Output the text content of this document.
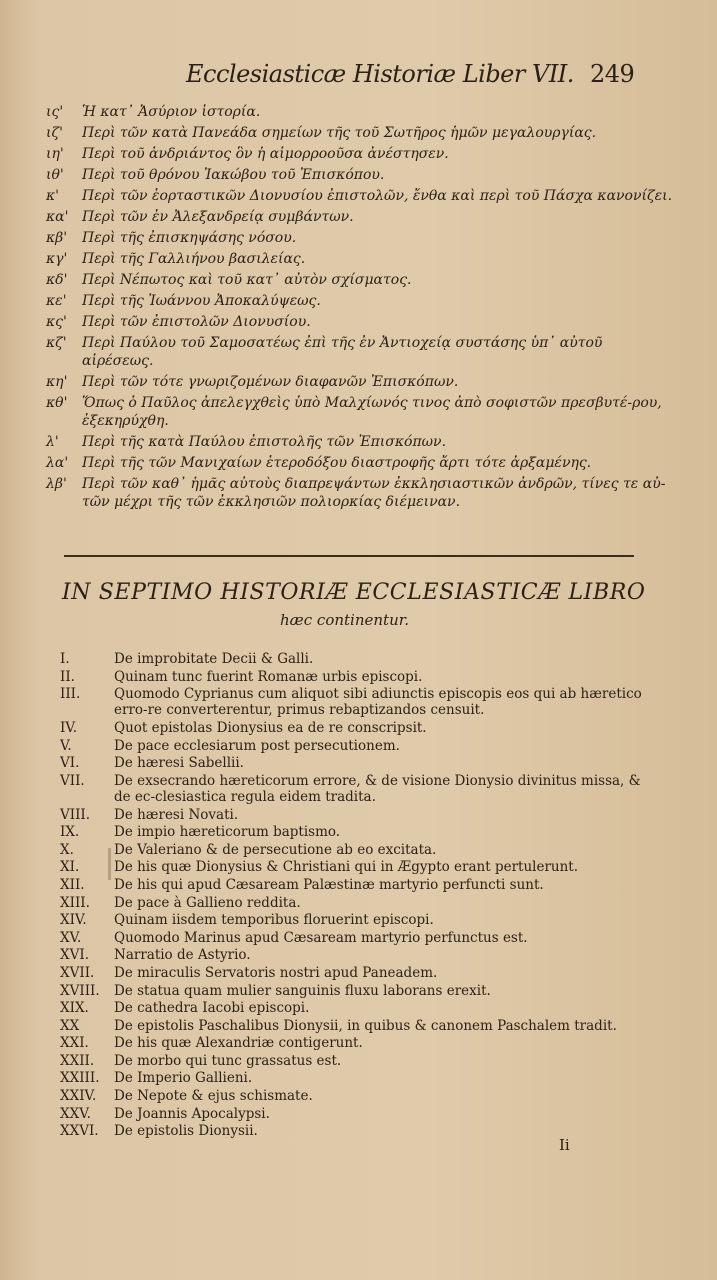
Ecclesiasticæ Historiæ Liber VII. 249
ις'	Ἡ κατ᾽ Ἀσύριον ἱστορία.
ιζ'	Περὶ τῶν κατὰ Πανεάδα σημείων τῆς τοῦ Σωτῆρος ἡμῶν μεγαλουργίας.
ιη'	Περὶ τοῦ ἀνδριάντος ὃν ἡ αἱμορροοῦσα ἀνέστησεν.
ιθ'	Περὶ τοῦ θρόνου Ἰακώβου τοῦ Ἐπισκόπου.
κ'	Περὶ τῶν ἑορταστικῶν Διονυσίου ἐπιστολῶν, ἔνθα καὶ περὶ τοῦ Πάσχα κανονίζει.
κα' Περὶ τῶν ἐν Ἀλεξανδρείᾳ συμβάντων.
κβ'	Περὶ τῆς ἐπισκηψάσης νόσου.
κγ'	Περὶ τῆς Γαλλιήνου βασιλείας.
κδ'	Περὶ Νέπωτος καὶ τοῦ κατ᾽ αὐτὸν σχίσματος.
κε'	Περὶ τῆς Ἰωάννου Ἀποκαλύψεως.
κς'	Περὶ τῶν ἐπιστολῶν Διονυσίου.
κζ'	Περὶ Παύλου τοῦ Σαμοσατέως ἐπὶ τῆς ἐν Ἀντιοχείᾳ συστάσης ὑπ᾽ αὐτοῦ αἱρέσεως.
κη'	Περὶ τῶν τότε γνωριζομένων διαφανῶν Ἐπισκόπων.
κθ'	Ὅπως ὁ Παῦλος ἀπελεγχθεὶς ὑπὸ Μαλχίωνός τινος ἀπὸ σοφιστῶν πρεσβυτέ-ρου, ἐξεκηρύχθη.
λ'	Περὶ τῆς κατὰ Παύλου ἐπιστολῆς τῶν Ἐπισκόπων.
λα' Περὶ τῆς τῶν Μανιχαίων ἑτεροδόξου διαστροφῆς ἄρτι τότε ἀρξαμένης.
λβ'	Περὶ τῶν καθ᾽ ἡμᾶς αὐτοὺς διαπρεψάντων ἐκκλησιαστικῶν ἀνδρῶν, τίνες τε αὐ-τῶν μέχρι τῆς τῶν ἐκκλησιῶν πολιορκίας διέμειναν.
IN SEPTIMO HISTORIÆ ECCLESIASTICÆ LIBRO
hæc continentur.
I.	De improbitate Decii & Galli.
II.	Quinam tunc fuerint Romanæ urbis episcopi.
III.	Quomodo Cyprianus cum aliquot sibi adiunctis episcopis eos qui ab hæretico erro-re converterentur, primus rebaptizandos censuit.
IV.	Quot epistolas Dionysius ea de re conscripsit.
V.	De pace ecclesiarum post persecutionem.
VI.	De hæresi Sabellii.
VII.	De exsecrando hæreticorum errore, & de visione Dionysio divinitus missa, & de ec-clesiastica regula eidem tradita.
VIII.	De hæresi Novati.
IX.	De impio hæreticorum baptismo.
X.	De Valeriano & de persecutione ab eo excitata.
XI.	De his quæ Dionysius & Christiani qui in Ægypto erant pertulerunt.
XII.	De his qui apud Cæsaream Palæstinæ martyrio perfuncti sunt.
XIII.	De pace à Gallieno reddita.
XIV.	Quinam iisdem temporibus floruerint episcopi.
XV.	Quomodo Marinus apud Cæsaream martyrio perfunctus est.
XVI.	Narratio de Astyrio.
XVII.	De miraculis Servatoris nostri apud Paneadem.
XVIII.	De statua quam mulier sanguinis fluxu laborans erexit.
XIX.	De cathedra Iacobi episcopi.
XX	De epistolis Paschalibus Dionysii, in quibus & canonem Paschalem tradit.
XXI.	De his quæ Alexandriæ contigerunt.
XXII.	De morbo qui tunc grassatus est.
XXIII.	De Imperio Gallieni.
XXIV.	De Nepote & ejus schismate.
XXV.	De Joannis Apocalypsi.
XXVI.	De epistolis Dionysii.
Ii
